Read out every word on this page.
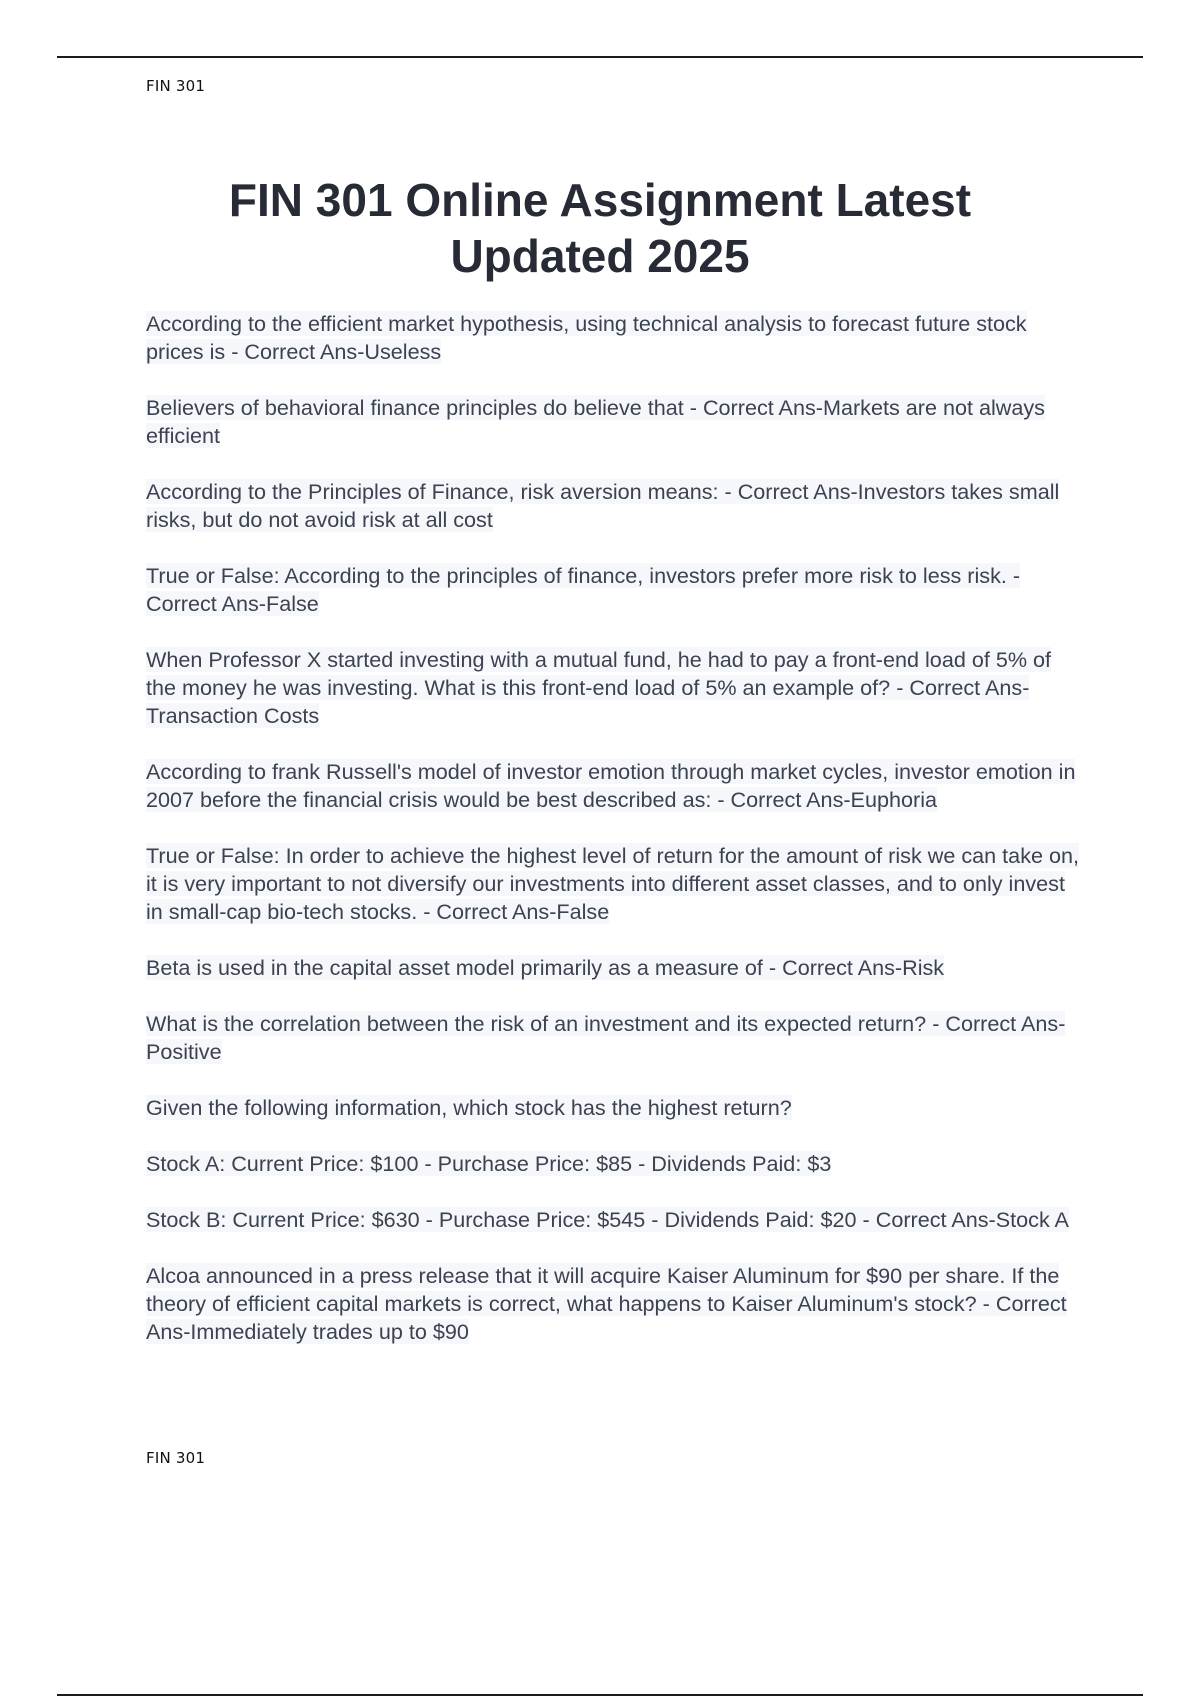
FIN 301
FIN 301 Online Assignment Latest
Updated 2025

According to the efficient market hypothesis, using technical analysis to forecast future stock prices is - Correct Ans-Useless

Believers of behavioral finance principles do believe that - Correct Ans-Markets are not always efficient

According to the Principles of Finance, risk aversion means: - Correct Ans-Investors takes small risks, but do not avoid risk at all cost

True or False: According to the principles of finance, investors prefer more risk to less risk. - Correct Ans-False

When Professor X started investing with a mutual fund, he had to pay a front-end load of 5% of the money he was investing. What is this front-end load of 5% an example of? - Correct Ans-Transaction Costs

According to frank Russell's model of investor emotion through market cycles, investor emotion in 2007 before the financial crisis would be best described as: - Correct Ans-Euphoria

True or False: In order to achieve the highest level of return for the amount of risk we can take on, it is very important to not diversify our investments into different asset classes, and to only invest in small-cap bio-tech stocks. - Correct Ans-False

Beta is used in the capital asset model primarily as a measure of - Correct Ans-Risk

What is the correlation between the risk of an investment and its expected return? - Correct Ans-Positive

Given the following information, which stock has the highest return?

Stock A: Current Price: $100 - Purchase Price: $85 - Dividends Paid: $3

Stock B: Current Price: $630 - Purchase Price: $545 - Dividends Paid: $20 - Correct Ans-Stock A

Alcoa announced in a press release that it will acquire Kaiser Aluminum for $90 per share. If the theory of efficient capital markets is correct, what happens to Kaiser Aluminum's stock? - Correct Ans-Immediately trades up to $90

FIN 301
